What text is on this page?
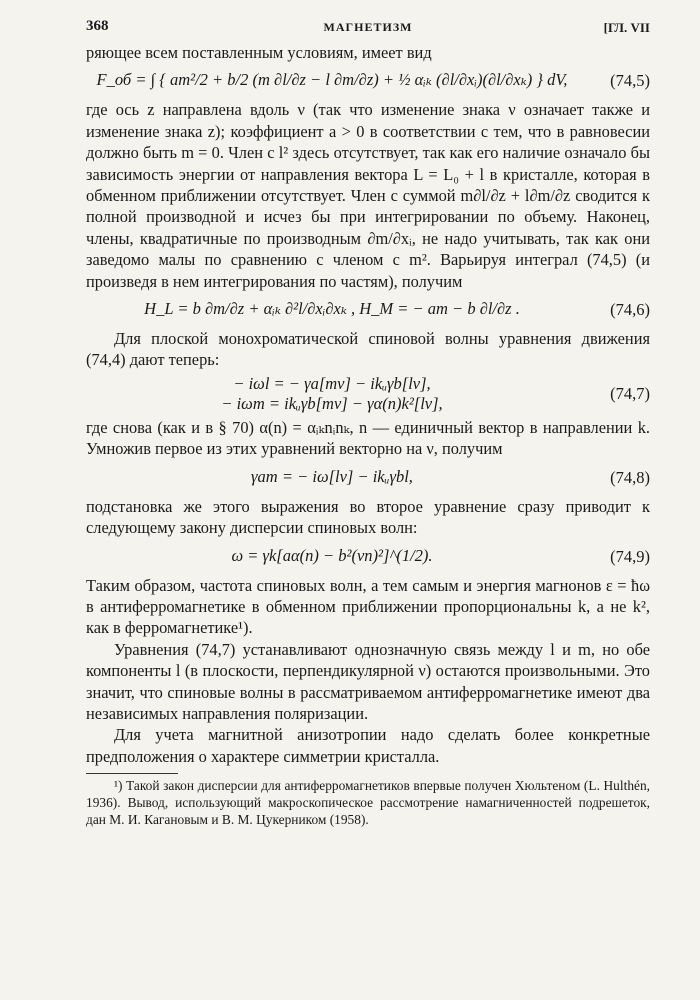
368	МАГНЕТИЗМ	[ГЛ. VII

ряющее всем поставленным условиям, имеет вид

F_об = ∫ { am²/2 + b/2 (m ∂l/∂z − l ∂m/∂z) + ½ αᵢₖ (∂l/∂xᵢ)(∂l/∂xₖ) } dV,	(74,5)

где ось z направлена вдоль ν (так что изменение знака ν означает также и изменение знака z); коэффициент a > 0 в соответствии с тем, что в равновесии должно быть m = 0. Член с l² здесь отсутствует, так как его наличие означало бы зависимость энергии от направления вектора L = L₀ + l в кристалле, которая в обменном приближении отсутствует. Член с суммой m∂l/∂z + l∂m/∂z сводится к полной производной и исчез бы при интегрировании по объему. Наконец, члены, квадратичные по производным ∂m/∂xᵢ, не надо учитывать, так как они заведомо малы по сравнению с членом с m². Варьируя интеграл (74,5) (и произведя в нем интегрирования по частям), получим

H_L = b ∂m/∂z + αᵢₖ ∂²l/∂xᵢ∂xₖ , H_M = − am − b ∂l/∂z .	(74,6)

Для плоской монохроматической спиновой волны уравнения движения (74,4) дают теперь:

− iωl = − γa[mν] − ikᵤγb[lν],
− iωm = ikᵤγb[mν] − γα(n)k²[lν],
(74,7)

где снова (как и в § 70) α(n) = αᵢₖnᵢnₖ, n — единичный вектор в направлении k. Умножив первое из этих уравнений векторно на ν, получим

γam = − iω[lν] − ikᵤγbl,	(74,8)

подстановка же этого выражения во второе уравнение сразу приводит к следующему закону дисперсии спиновых волн:

ω = γk[aα(n) − b²(νn)²]^(1/2).	(74,9)

Таким образом, частота спиновых волн, а тем самым и энергия магнонов ε = ħω в антиферромагнетике в обменном приближении пропорциональны k, а не k², как в ферромагнетике¹).

Уравнения (74,7) устанавливают однозначную связь между l и m, но обе компоненты l (в плоскости, перпендикулярной ν) остаются произвольными. Это значит, что спиновые волны в рассматриваемом антиферромагнетике имеют два независимых направления поляризации.

Для учета магнитной анизотропии надо сделать более конкретные предположения о характере симметрии кристалла.

¹) Такой закон дисперсии для антиферромагнетиков впервые получен Хюльтеном (L. Hulthén, 1936). Вывод, использующий макроскопическое рассмотрение намагниченностей подрешеток, дан М. И. Кагановым и В. М. Цукерником (1958).
